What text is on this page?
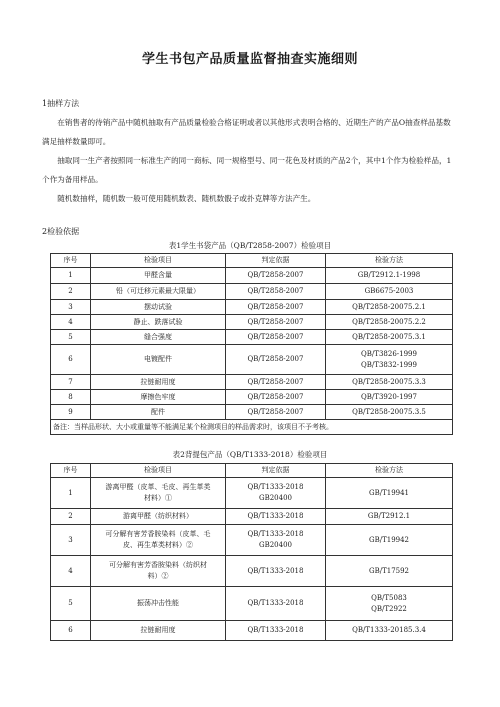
学生书包产品质量监督抽查实施细则
1抽样方法
在销售者的待销产品中随机抽取有产品质量检验合格证明或者以其他形式表明合格的、近期生产的产品O抽查样品基数满足抽样数量即可。
抽取同一生产者按照同一标准生产的同一商标、同一规格型号、同一花色及材质的产品2个，其中1个作为检验样品，1个作为备用样品。
随机数抽样，随机数一般可使用随机数表、随机数骰子或扑克牌等方法产生。
2检验依据
表1学生书袋产品（QB/T2858-2007）检验项目
序号	检验项目	判定依据	检验方法
1	甲醛含量	QB/T2858-2007	GB/T2912.1-1998
2	铅（可迁移元素最大限量）	QB/T2858-2007	GB6675-2003
3	摆动试验	QB/T2858-2007	QB/T2858-20075.2.1
4	静止、跌落试验	QB/T2858-2007	QB/T2858-20075.2.2
5	缝合强度	QB/T2858-2007	QB/T2858-20075.3.1
6	电镀配件	QB/T2858-2007	QB/T3826-1999
QB/T3832-1999
7	拉链耐用度	QB/T2858-2007	QB/T2858-20075.3.3
8	摩擦色牢度	QB/T2858-2007	QB/T3920-1997
9	配件	QB/T2858-2007	QB/T2858-20075.3.5
备注：当样品形状、大小或重量等不能满足某个检测项目的样品需求时，该项目不予考核。			
表2背提包产品（QB/T1333-2018）检验项目
序号	检验项目	判定依据	检验方法
1	游离甲醛（皮革、毛皮、再生革类
材料）①	QB/T1333-2018
GB20400	GB/T19941
2	游离甲醛（纺织材料）	QB/T1333-2018	GB/T2912.1
3	可分解有害芳香胺染料（皮革、毛
皮、再生革类材料）②	QB/T1333-2018
GB20400	GB/T19942
4	可分解有害芳香胺染料（纺织材
料）②	QB/T1333-2018	GB/T17592
5	振荡冲击性能	QB/T1333-2018	QB/T5083
QB/T2922
6	拉链耐用度	QB/T1333-2018	QB/T1333-20185.3.4
